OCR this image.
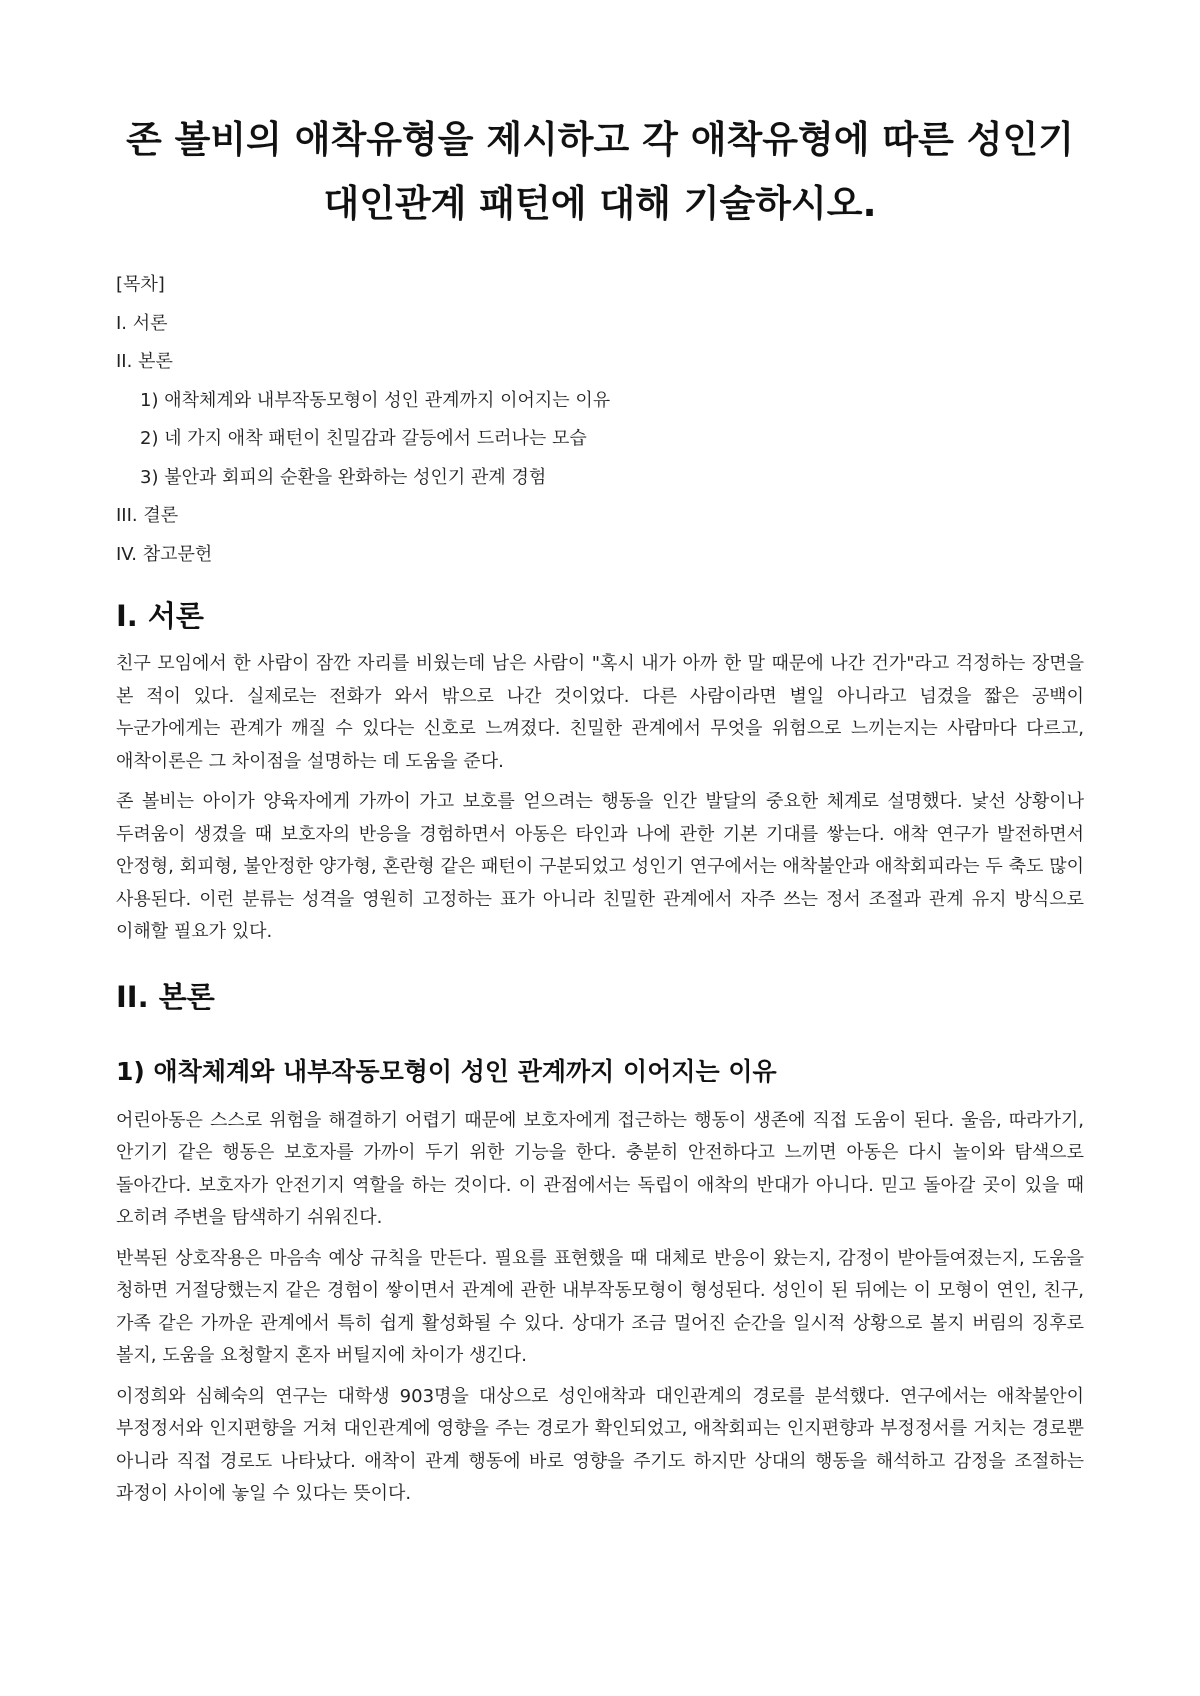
존 볼비의 애착유형을 제시하고 각 애착유형에 따른 성인기 대인관계 패턴에 대해 기술하시오.
[목차]
I. 서론
II. 본론
1) 애착체계와 내부작동모형이 성인 관계까지 이어지는 이유
2) 네 가지 애착 패턴이 친밀감과 갈등에서 드러나는 모습
3) 불안과 회피의 순환을 완화하는 성인기 관계 경험
III. 결론
IV. 참고문헌
I. 서론

친구 모임에서 한 사람이 잠깐 자리를 비웠는데 남은 사람이 "혹시 내가 아까 한 말 때문에 나간 건가"라고 걱정하는 장면을 본 적이 있다. 실제로는 전화가 와서 밖으로 나간 것이었다. 다른 사람이라면 별일 아니라고 넘겼을 짧은 공백이 누군가에게는 관계가 깨질 수 있다는 신호로 느껴졌다. 친밀한 관계에서 무엇을 위험으로 느끼는지는 사람마다 다르고, 애착이론은 그 차이점을 설명하는 데 도움을 준다.

존 볼비는 아이가 양육자에게 가까이 가고 보호를 얻으려는 행동을 인간 발달의 중요한 체계로 설명했다. 낯선 상황이나 두려움이 생겼을 때 보호자의 반응을 경험하면서 아동은 타인과 나에 관한 기본 기대를 쌓는다. 애착 연구가 발전하면서 안정형, 회피형, 불안정한 양가형, 혼란형 같은 패턴이 구분되었고 성인기 연구에서는 애착불안과 애착회피라는 두 축도 많이 사용된다. 이런 분류는 성격을 영원히 고정하는 표가 아니라 친밀한 관계에서 자주 쓰는 정서 조절과 관계 유지 방식으로 이해할 필요가 있다.

II. 본론
1) 애착체계와 내부작동모형이 성인 관계까지 이어지는 이유

어린아동은 스스로 위험을 해결하기 어렵기 때문에 보호자에게 접근하는 행동이 생존에 직접 도움이 된다. 울음, 따라가기, 안기기 같은 행동은 보호자를 가까이 두기 위한 기능을 한다. 충분히 안전하다고 느끼면 아동은 다시 놀이와 탐색으로 돌아간다. 보호자가 안전기지 역할을 하는 것이다. 이 관점에서는 독립이 애착의 반대가 아니다. 믿고 돌아갈 곳이 있을 때 오히려 주변을 탐색하기 쉬워진다.

반복된 상호작용은 마음속 예상 규칙을 만든다. 필요를 표현했을 때 대체로 반응이 왔는지, 감정이 받아들여졌는지, 도움을 청하면 거절당했는지 같은 경험이 쌓이면서 관계에 관한 내부작동모형이 형성된다. 성인이 된 뒤에는 이 모형이 연인, 친구, 가족 같은 가까운 관계에서 특히 쉽게 활성화될 수 있다. 상대가 조금 멀어진 순간을 일시적 상황으로 볼지 버림의 징후로 볼지, 도움을 요청할지 혼자 버틸지에 차이가 생긴다.

이정희와 심혜숙의 연구는 대학생 903명을 대상으로 성인애착과 대인관계의 경로를 분석했다. 연구에서는 애착불안이 부정정서와 인지편향을 거쳐 대인관계에 영향을 주는 경로가 확인되었고, 애착회피는 인지편향과 부정정서를 거치는 경로뿐 아니라 직접 경로도 나타났다. 애착이 관계 행동에 바로 영향을 주기도 하지만 상대의 행동을 해석하고 감정을 조절하는 과정이 사이에 놓일 수 있다는 뜻이다.
